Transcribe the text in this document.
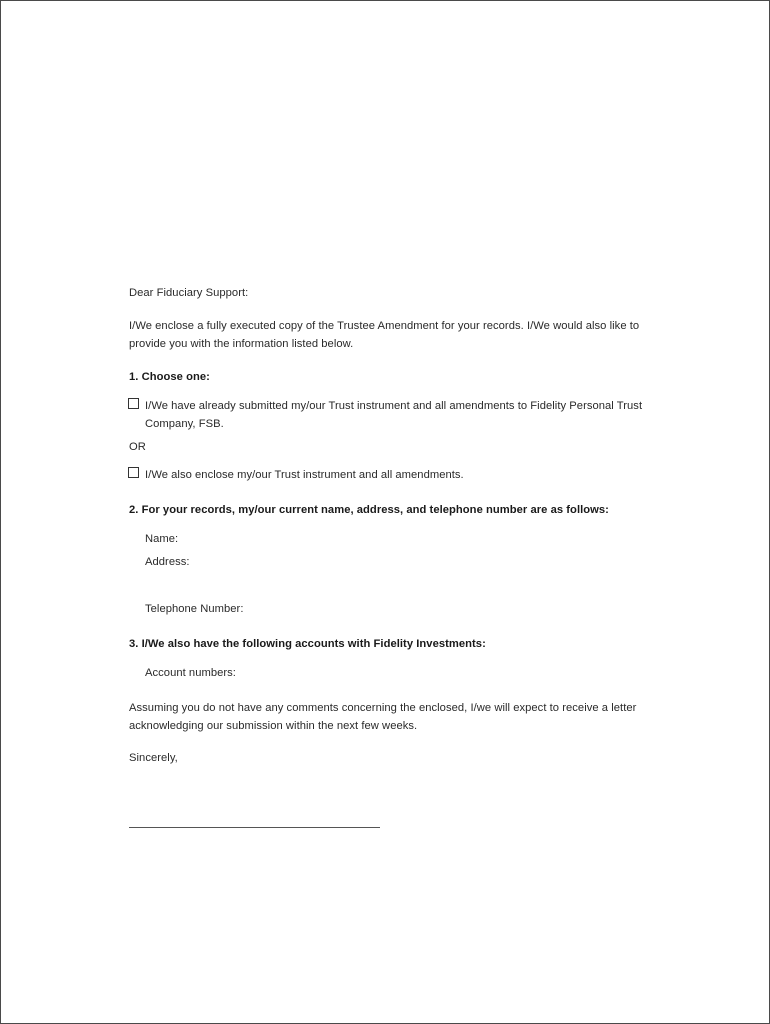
Dear Fiduciary Support:
I/We enclose a fully executed copy of the Trustee Amendment for your records. I/We would also like to
provide you with the information listed below.
1. Choose one:
I/We have already submitted my/our Trust instrument and all amendments to Fidelity Personal Trust
Company, FSB.
OR
I/We also enclose my/our Trust instrument and all amendments.
2. For your records, my/our current name, address, and telephone number are as follows:
Name:
Address:
Telephone Number:
3. I/We also have the following accounts with Fidelity Investments:
Account numbers:
Assuming you do not have any comments concerning the enclosed, I/we will expect to receive a letter
acknowledging our submission within the next few weeks.
Sincerely,
